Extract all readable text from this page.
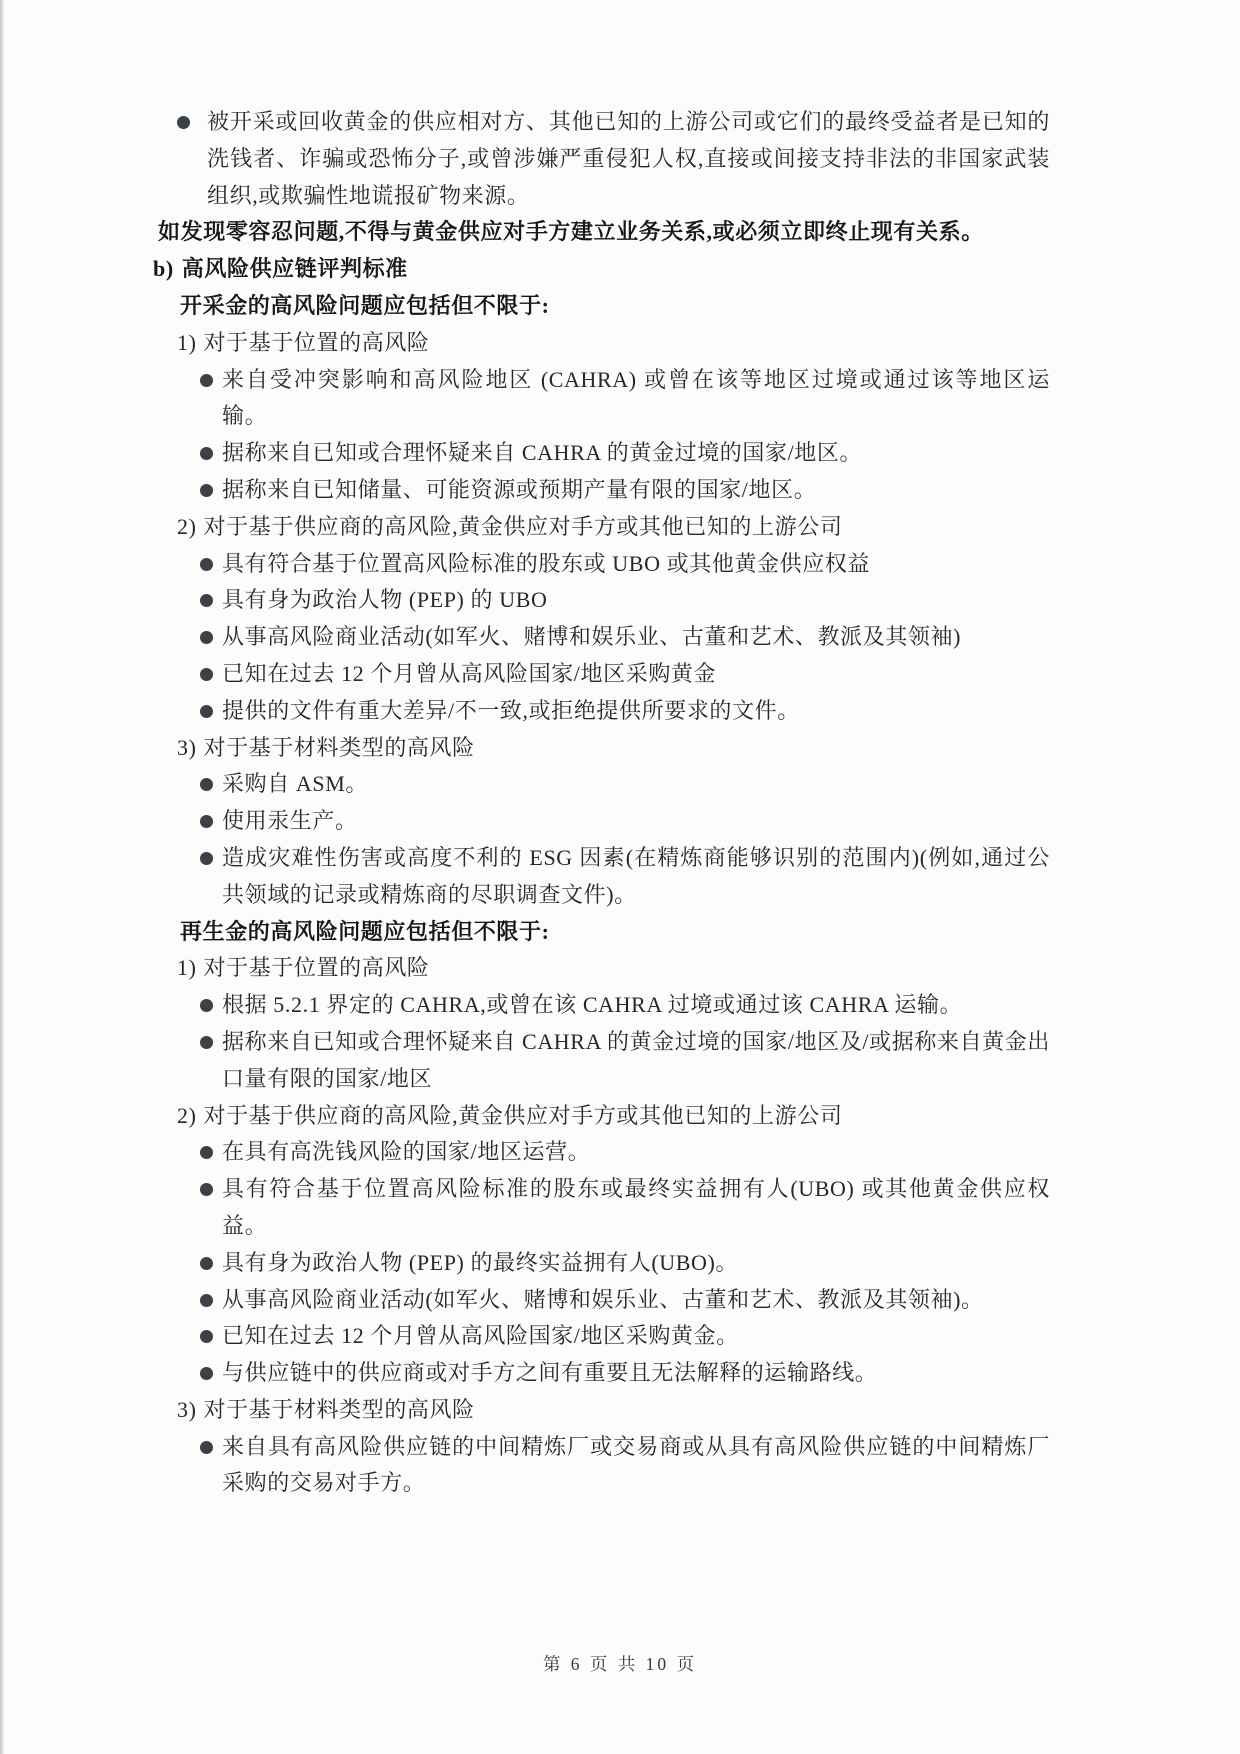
被开采或回收黄金的供应相对方、其他已知的上游公司或它们的最终受益者是已知的洗钱者、诈骗或恐怖分子,或曾涉嫌严重侵犯人权,直接或间接支持非法的非国家武装组织,或欺骗性地谎报矿物来源。

如发现零容忍问题,不得与黄金供应对手方建立业务关系,或必须立即终止现有关系。

b) 高风险供应链评判标准

开采金的高风险问题应包括但不限于:

1) 对于基于位置的高风险
来自受冲突影响和高风险地区 (CAHRA) 或曾在该等地区过境或通过该等地区运输。
据称来自已知或合理怀疑来自 CAHRA 的黄金过境的国家/地区。
据称来自已知储量、可能资源或预期产量有限的国家/地区。
2) 对于基于供应商的高风险,黄金供应对手方或其他已知的上游公司
具有符合基于位置高风险标准的股东或 UBO 或其他黄金供应权益
具有身为政治人物 (PEP) 的 UBO
从事高风险商业活动(如军火、赌博和娱乐业、古董和艺术、教派及其领袖)
已知在过去 12 个月曾从高风险国家/地区采购黄金
提供的文件有重大差异/不一致,或拒绝提供所要求的文件。
3) 对于基于材料类型的高风险
采购自 ASM。
使用汞生产。
造成灾难性伤害或高度不利的 ESG 因素(在精炼商能够识别的范围内)(例如,通过公共领域的记录或精炼商的尽职调查文件)。

再生金的高风险问题应包括但不限于:

1) 对于基于位置的高风险
根据 5.2.1 界定的 CAHRA,或曾在该 CAHRA 过境或通过该 CAHRA 运输。
据称来自已知或合理怀疑来自 CAHRA 的黄金过境的国家/地区及/或据称来自黄金出口量有限的国家/地区
2) 对于基于供应商的高风险,黄金供应对手方或其他已知的上游公司
在具有高洗钱风险的国家/地区运营。
具有符合基于位置高风险标准的股东或最终实益拥有人(UBO) 或其他黄金供应权益。
具有身为政治人物 (PEP) 的最终实益拥有人(UBO)。
从事高风险商业活动(如军火、赌博和娱乐业、古董和艺术、教派及其领袖)。
已知在过去 12 个月曾从高风险国家/地区采购黄金。
与供应链中的供应商或对手方之间有重要且无法解释的运输路线。
3) 对于基于材料类型的高风险
来自具有高风险供应链的中间精炼厂或交易商或从具有高风险供应链的中间精炼厂采购的交易对手方。
第 6 页 共 10 页
